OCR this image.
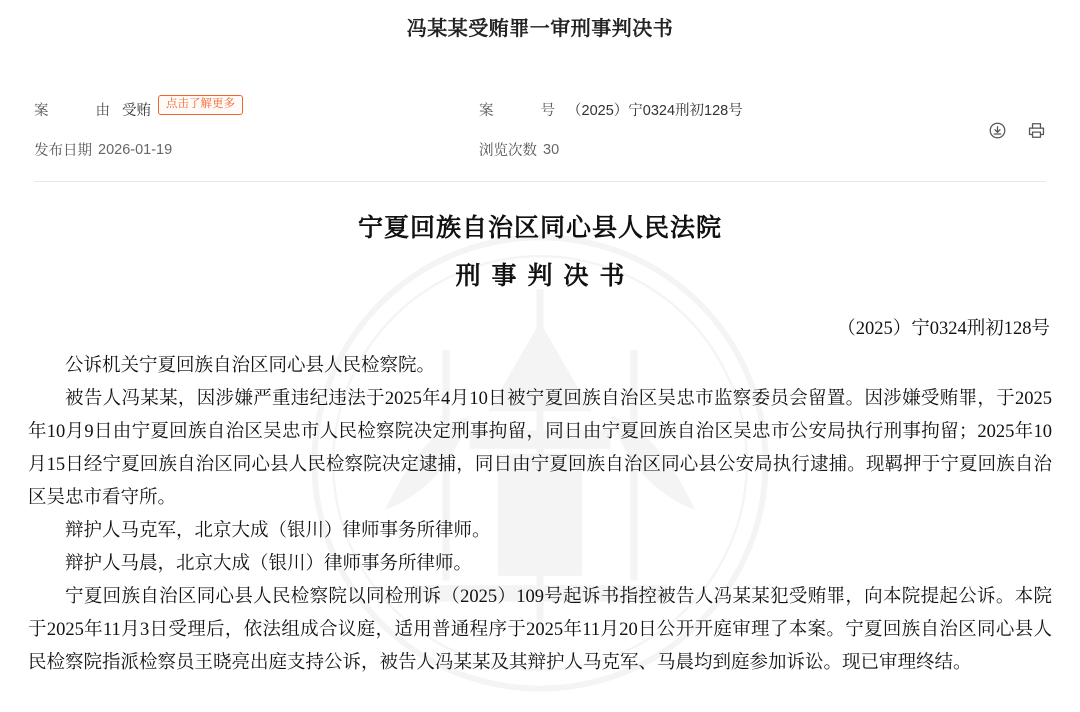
冯某某受贿罪一审刑事判决书
案　　由 受贿	点击了解更多	案　　号 （2025）宁0324刑初128号
发布日期 2026-01-19	浏览次数 30
宁夏回族自治区同心县人民法院
刑事判决书
（2025）宁0324刑初128号

公诉机关宁夏回族自治区同心县人民检察院。

被告人冯某某，因涉嫌严重违纪违法于2025年4月10日被宁夏回族自治区吴忠市监察委员会留置。因涉嫌受贿罪，于2025年10月9日由宁夏回族自治区吴忠市人民检察院决定刑事拘留，同日由宁夏回族自治区吴忠市公安局执行刑事拘留；2025年10月15日经宁夏回族自治区同心县人民检察院决定逮捕，同日由宁夏回族自治区同心县公安局执行逮捕。现羁押于宁夏回族自治区吴忠市看守所。

辩护人马克军，北京大成（银川）律师事务所律师。

辩护人马晨，北京大成（银川）律师事务所律师。

宁夏回族自治区同心县人民检察院以同检刑诉（2025）109号起诉书指控被告人冯某某犯受贿罪，向本院提起公诉。本院于2025年11月3日受理后，依法组成合议庭，适用普通程序于2025年11月20日公开开庭审理了本案。宁夏回族自治区同心县人民检察院指派检察员王晓亮出庭支持公诉，被告人冯某某及其辩护人马克军、马晨均到庭参加诉讼。现已审理终结。
